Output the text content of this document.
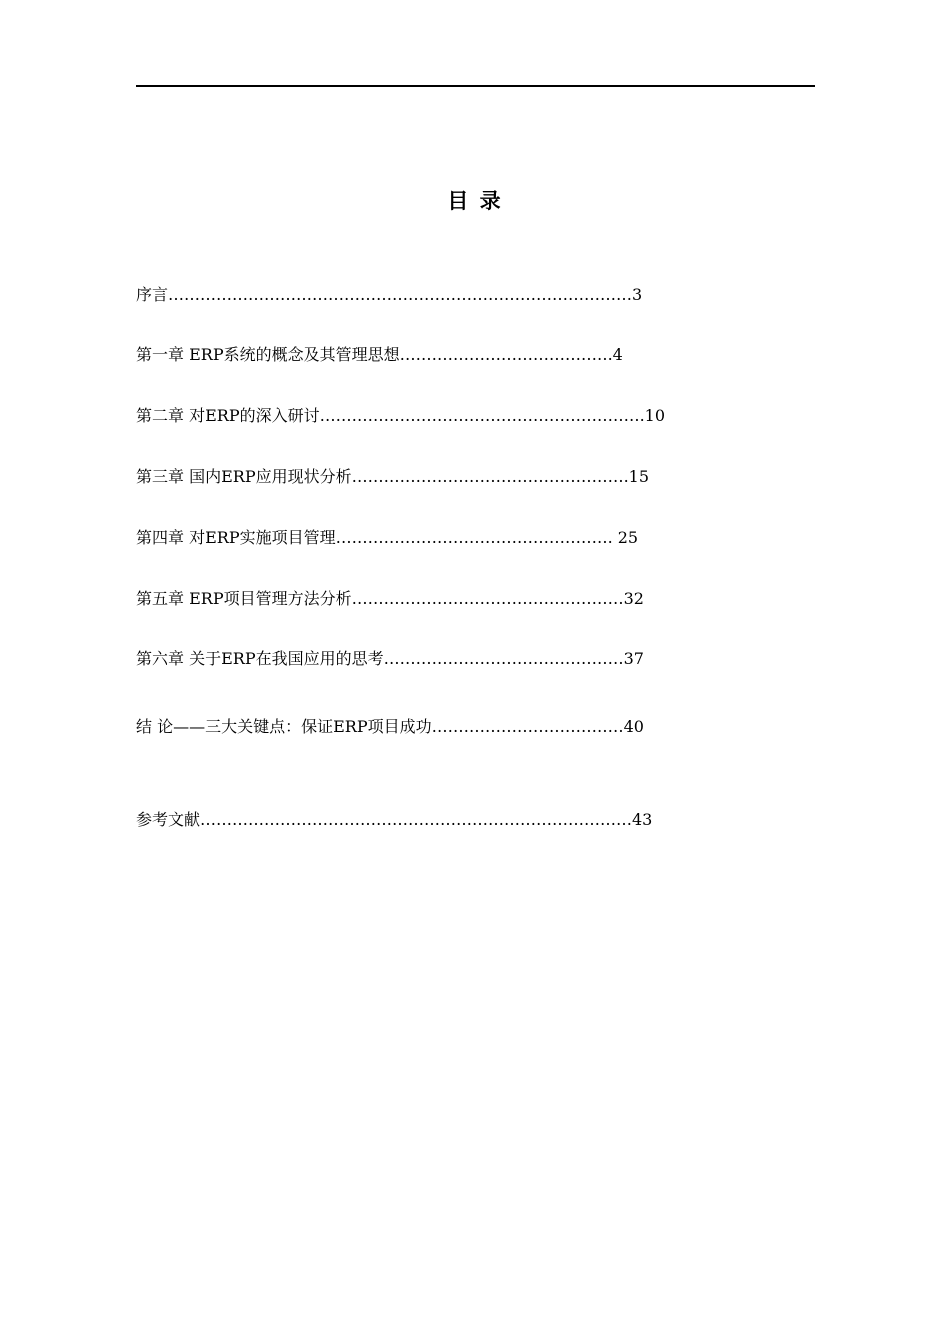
目 录
序言……………………………………………………………………………3
第一章 ERP系统的概念及其管理思想………………………………….4
第二章 对ERP的深入研讨…………………………………………………….10
第三章 国内ERP应用现状分析…………………………………………….15
第四章 对ERP实施项目管理……………………………………………. 25
第五章 ERP项目管理方法分析……………………………………………32
第六章 关于ERP在我国应用的思考………………………………………37
结 论——三大关键点：保证ERP项目成功………………………………40
参考文献………………………………………………………………………43
